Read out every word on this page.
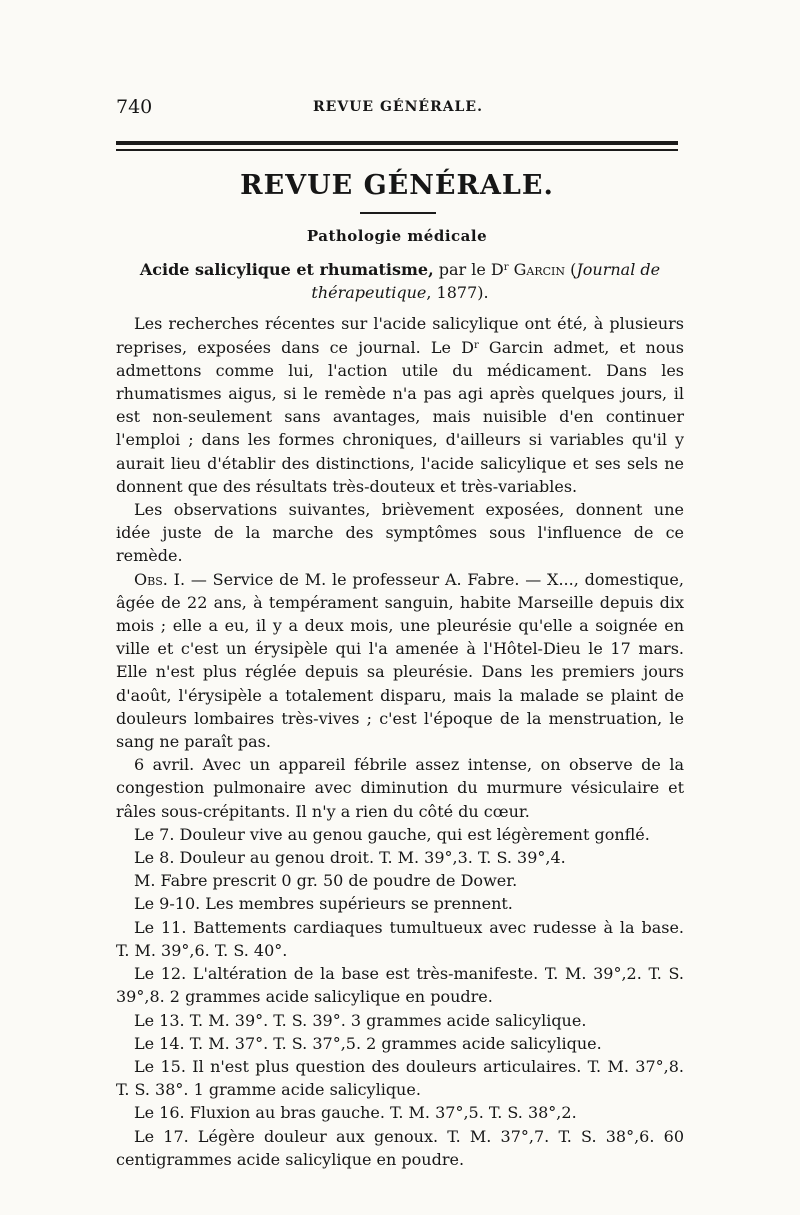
740	REVUE GÉNÉRALE.
REVUE GÉNÉRALE.
Pathologie médicale

Acide salicylique et rhumatisme, par le $D^r$ Garcin (Journal de thérapeutique, 1877).

Les recherches récentes sur l'acide salicylique ont été, à plusieurs reprises, exposées dans ce journal. Le $D^r$ Garcin admet, et nous admettons comme lui, l'action utile du médicament. Dans les rhumatismes aigus, si le remède n'a pas agi après quelques jours, il est non-seulement sans avantages, mais nuisible d'en continuer l'emploi ; dans les formes chroniques, d'ailleurs si variables qu'il y aurait lieu d'établir des distinctions, l'acide salicylique et ses sels ne donnent que des résultats très-douteux et très-variables.

Les observations suivantes, brièvement exposées, donnent une idée juste de la marche des symptômes sous l'influence de ce remède.

Obs. I. — Service de M. le professeur A. Fabre. — X..., domestique, âgée de 22 ans, à tempérament sanguin, habite Marseille depuis dix mois ; elle a eu, il y a deux mois, une pleurésie qu'elle a soignée en ville et c'est un érysipèle qui l'a amenée à l'Hôtel-Dieu le 17 mars. Elle n'est plus réglée depuis sa pleurésie. Dans les premiers jours d'août, l'érysipèle a totalement disparu, mais la malade se plaint de douleurs lombaires très-vives ; c'est l'époque de la menstruation, le sang ne paraît pas.

6 avril. Avec un appareil fébrile assez intense, on observe de la congestion pulmonaire avec diminution du murmure vésiculaire et râles sous-crépitants. Il n'y a rien du côté du cœur.

Le 7. Douleur vive au genou gauche, qui est légèrement gonflé.

Le 8. Douleur au genou droit. T. M. 39°,3. T. S. 39°,4.

M. Fabre prescrit 0 gr. 50 de poudre de Dower.

Le 9-10. Les membres supérieurs se prennent.

Le 11. Battements cardiaques tumultueux avec rudesse à la base. T. M. 39°,6. T. S. 40°.

Le 12. L'altération de la base est très-manifeste. T. M. 39°,2. T. S. 39°,8. 2 grammes acide salicylique en poudre.

Le 13. T. M. 39°. T. S. 39°. 3 grammes acide salicylique.

Le 14. T. M. 37°. T. S. 37°,5. 2 grammes acide salicylique.

Le 15. Il n'est plus question des douleurs articulaires. T. M. 37°,8. T. S. 38°. 1 gramme acide salicylique.

Le 16. Fluxion au bras gauche. T. M. 37°,5. T. S. 38°,2.

Le 17. Légère douleur aux genoux. T. M. 37°,7. T. S. 38°,6. 60 centigrammes acide salicylique en poudre.
